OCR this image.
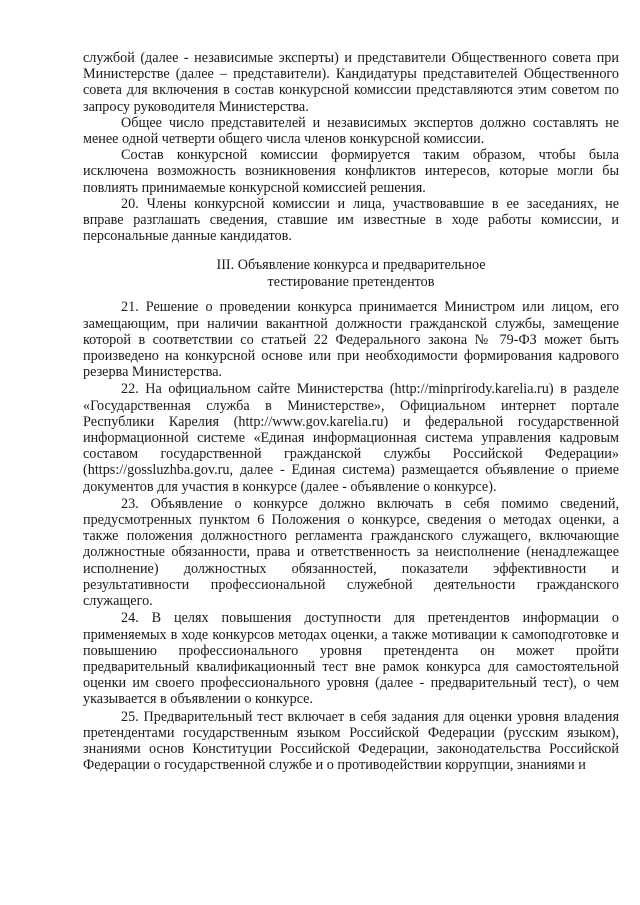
службой (далее - независимые эксперты) и представители Общественного совета при Министерстве (далее – представители). Кандидатуры представителей Общественного совета для включения в состав конкурсной комиссии представляются этим советом по запросу руководителя Министерства.

Общее число представителей и независимых экспертов должно составлять не менее одной четверти общего числа членов конкурсной комиссии.

Состав конкурсной комиссии формируется таким образом, чтобы была исключена возможность возникновения конфликтов интересов, которые могли бы повлиять принимаемые конкурсной комиссией решения.

20. Члены конкурсной комиссии и лица, участвовавшие в ее заседаниях, не вправе разглашать сведения, ставшие им известные в ходе работы комиссии, и персональные данные кандидатов.

III. Объявление конкурса и предварительное
тестирование претендентов

21. Решение о проведении конкурса принимается Министром или лицом, его замещающим, при наличии вакантной должности гражданской службы, замещение которой в соответствии со статьей 22 Федерального закона № 79-ФЗ может быть произведено на конкурсной основе или при необходимости формирования кадрового резерва Министерства.

22. На официальном сайте Министерства (http://minprirody.karelia.ru) в разделе «Государственная служба в Министерстве», Официальном интернет портале Республики Карелия (http://www.gov.karelia.ru) и федеральной государственной информационной системе «Единая информационная система управления кадровым составом государственной гражданской службы Российской Федерации» (https://gossluzhba.gov.ru, далее - Единая система) размещается объявление о приеме документов для участия в конкурсе (далее - объявление о конкурсе).

23. Объявление о конкурсе должно включать в себя помимо сведений, предусмотренных пунктом 6 Положения о конкурсе, сведения о методах оценки, а также положения должностного регламента гражданского служащего, включающие должностные обязанности, права и ответственность за неисполнение (ненадлежащее исполнение) должностных обязанностей, показатели эффективности и результативности профессиональной служебной деятельности гражданского служащего.

24. В целях повышения доступности для претендентов информации о применяемых в ходе конкурсов методах оценки, а также мотивации к самоподготовке и повышению профессионального уровня претендента он может пройти предварительный квалификационный тест вне рамок конкурса для самостоятельной оценки им своего профессионального уровня (далее - предварительный тест), о чем указывается в объявлении о конкурсе.

25. Предварительный тест включает в себя задания для оценки уровня владения претендентами государственным языком Российской Федерации (русским языком), знаниями основ Конституции Российской Федерации, законодательства Российской Федерации о государственной службе и о противодействии коррупции, знаниями и
